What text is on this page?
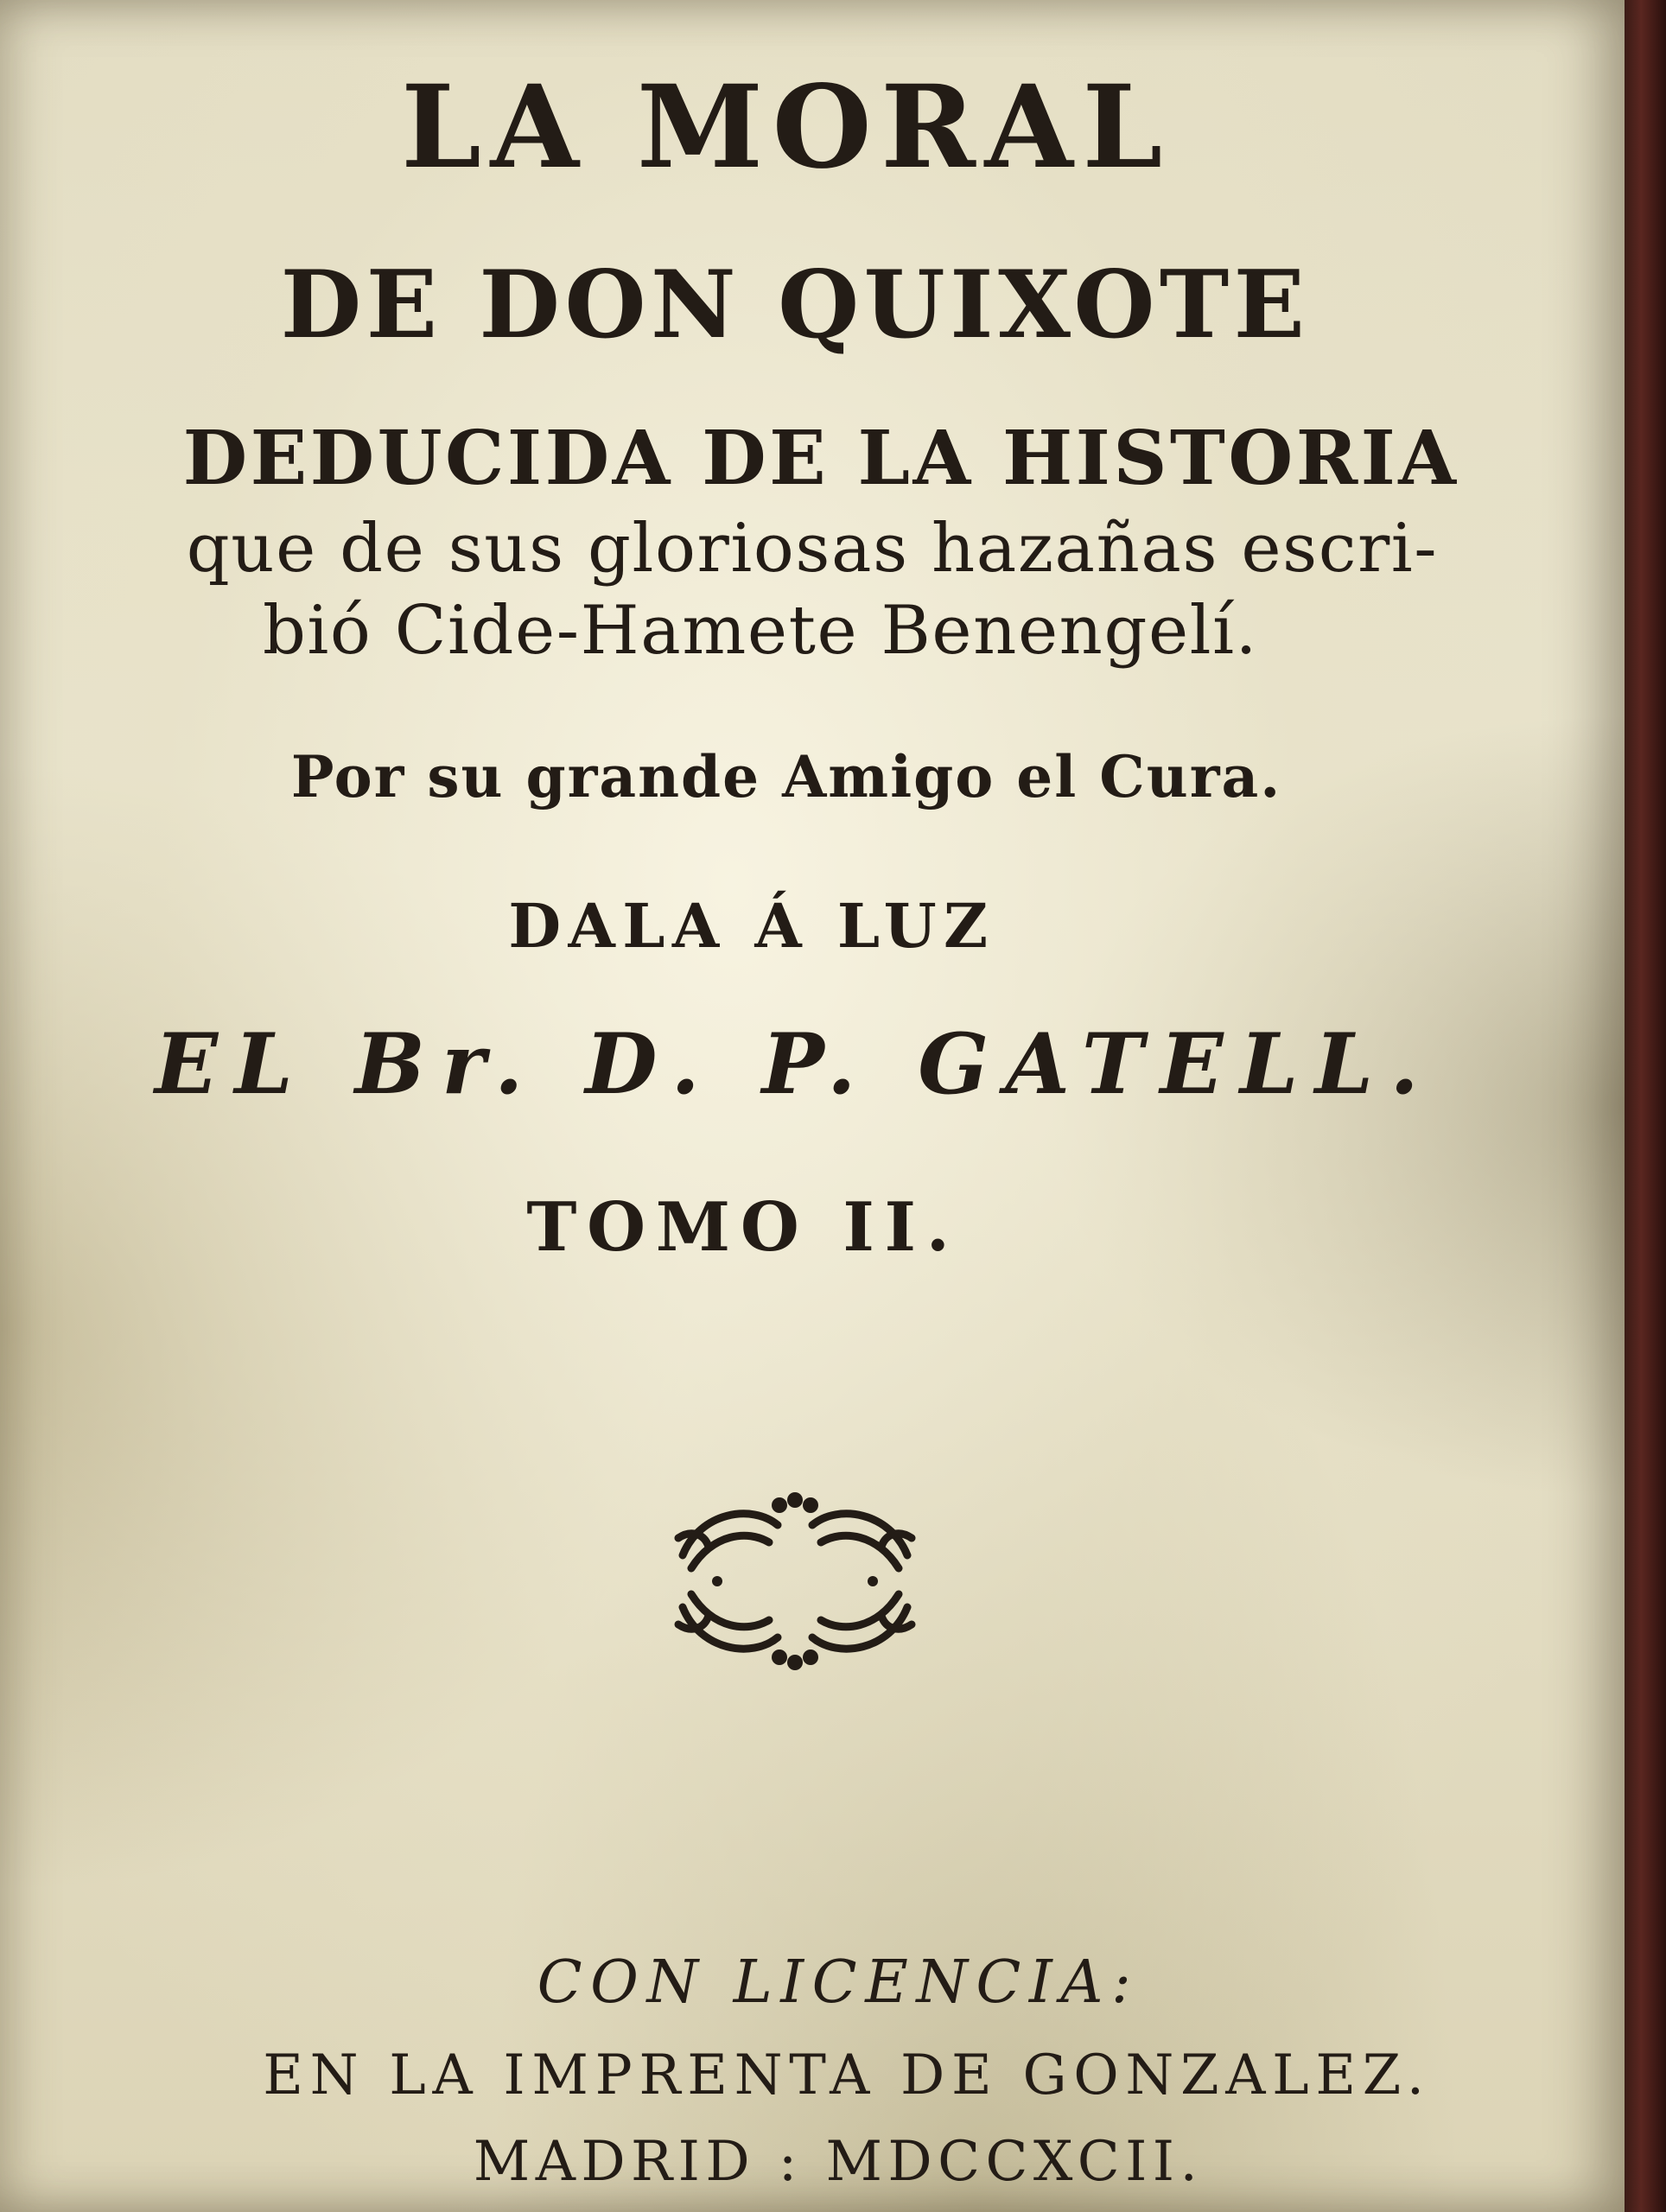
LA MORAL
DE DON QUIXOTE
DEDUCIDA DE LA HISTORIA
que de sus gloriosas hazañas escri-
bió Cide-Hamete Benengelí.
Por su grande Amigo el Cura.
DALA Á LUZ
EL Br. D. P. GATELL.
TOMO II.
CON LICENCIA:
EN LA IMPRENTA DE GONZALEZ.
MADRID : MDCCXCII.
